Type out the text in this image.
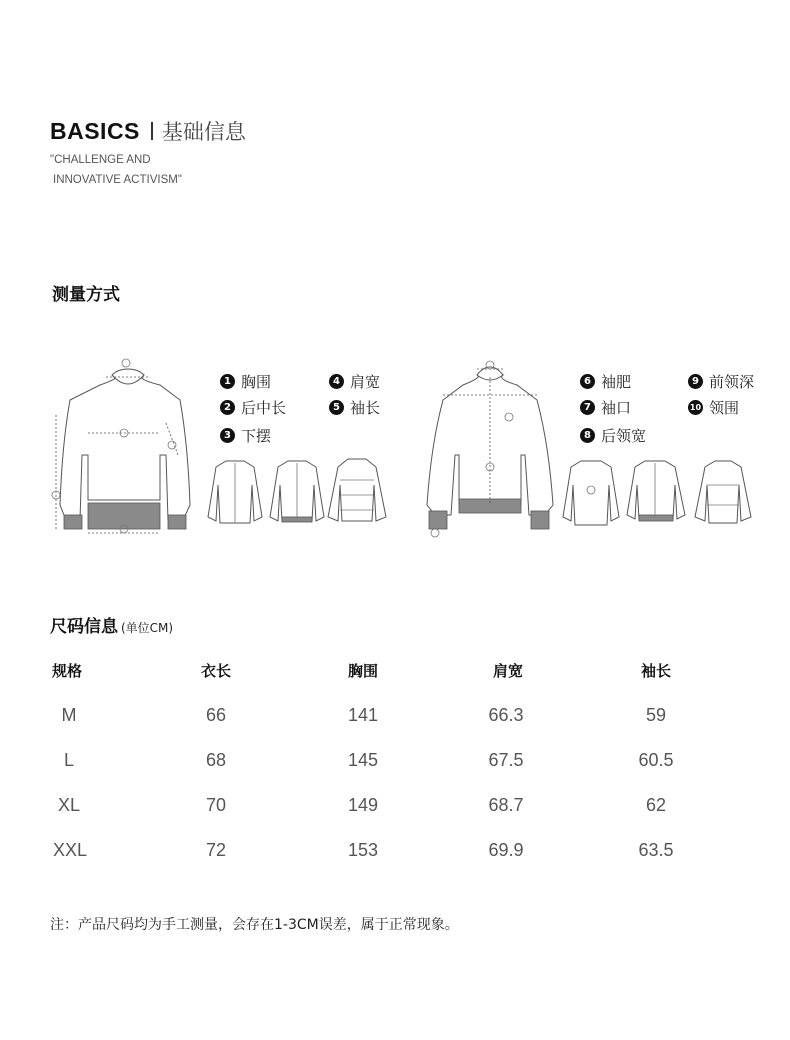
BASICS 基础信息
"CHALLENGE AND
INNOVATIVE ACTIVISM"
测量方式
1 胸围
2 后中长
3 下摆
4 肩宽
5 袖长
6 袖肥
7 袖口
8 后领宽
9 前领深
10 领围
尺码信息 (单位CM)
规格	衣长	胸围	肩宽	袖长
M	66	141	66.3	59
L	68	145	67.5	60.5
XL	70	149	68.7	62
XXL	72	153	69.9	63.5
注：产品尺码均为手工测量，会存在1-3CM误差，属于正常现象。
